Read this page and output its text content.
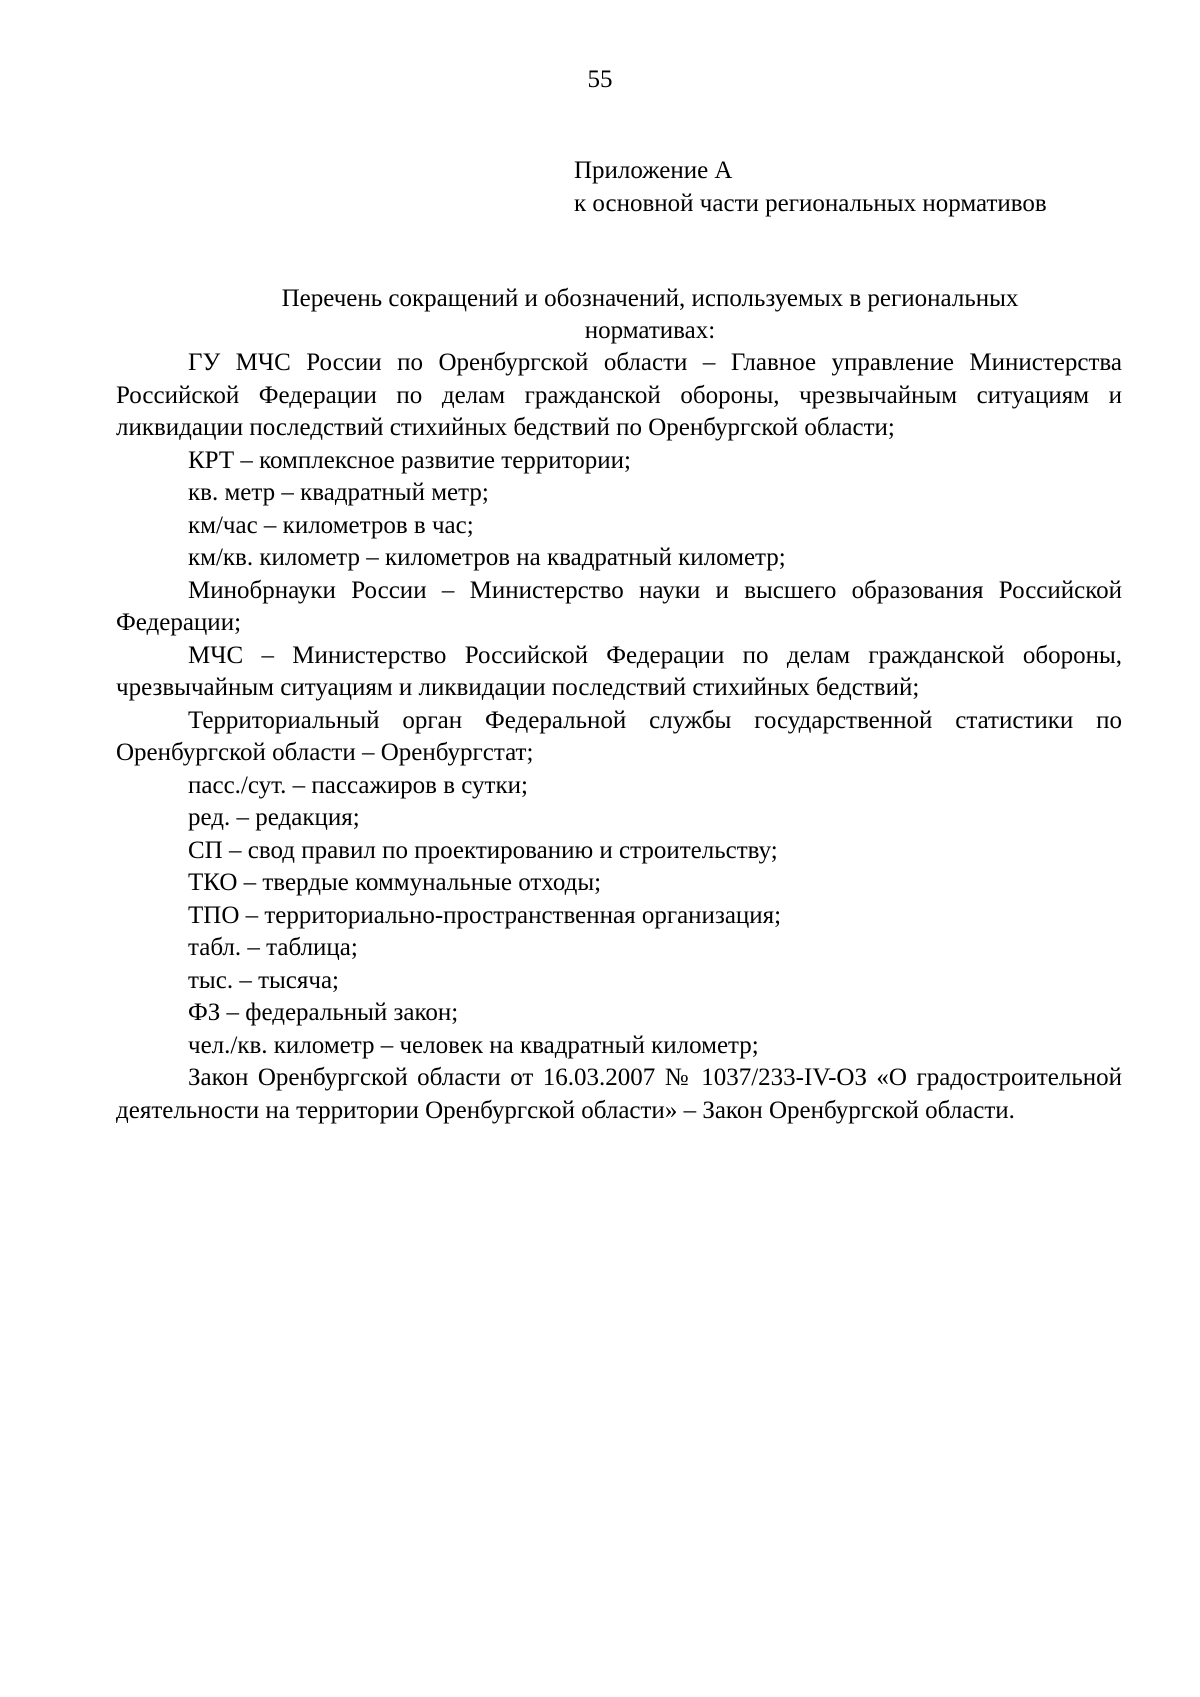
55

Приложение А
к основной части региональных нормативов
Перечень сокращений и обозначений, используемых в региональных нормативах:

ГУ МЧС России по Оренбургской области – Главное управление Министерства Российской Федерации по делам гражданской обороны, чрезвычайным ситуациям и ликвидации последствий стихийных бедствий по Оренбургской области;

КРТ – комплексное развитие территории;

кв. метр – квадратный метр;

км/час – километров в час;

км/кв. километр – километров на квадратный километр;

Минобрнауки России – Министерство науки и высшего образования Российской Федерации;

МЧС – Министерство Российской Федерации по делам гражданской обороны, чрезвычайным ситуациям и ликвидации последствий стихийных бедствий;

Территориальный орган Федеральной службы государственной статистики по Оренбургской области – Оренбургстат;

пасс./сут. – пассажиров в сутки;

ред. – редакция;

СП – свод правил по проектированию и строительству;

ТКО – твердые коммунальные отходы;

ТПО – территориально-пространственная организация;

табл. – таблица;

тыс. – тысяча;

ФЗ – федеральный закон;

чел./кв. километр – человек на квадратный километр;

Закон Оренбургской области от 16.03.2007 № 1037/233-IV-ОЗ «О градостроительной деятельности на территории Оренбургской области» – Закон Оренбургской области.
